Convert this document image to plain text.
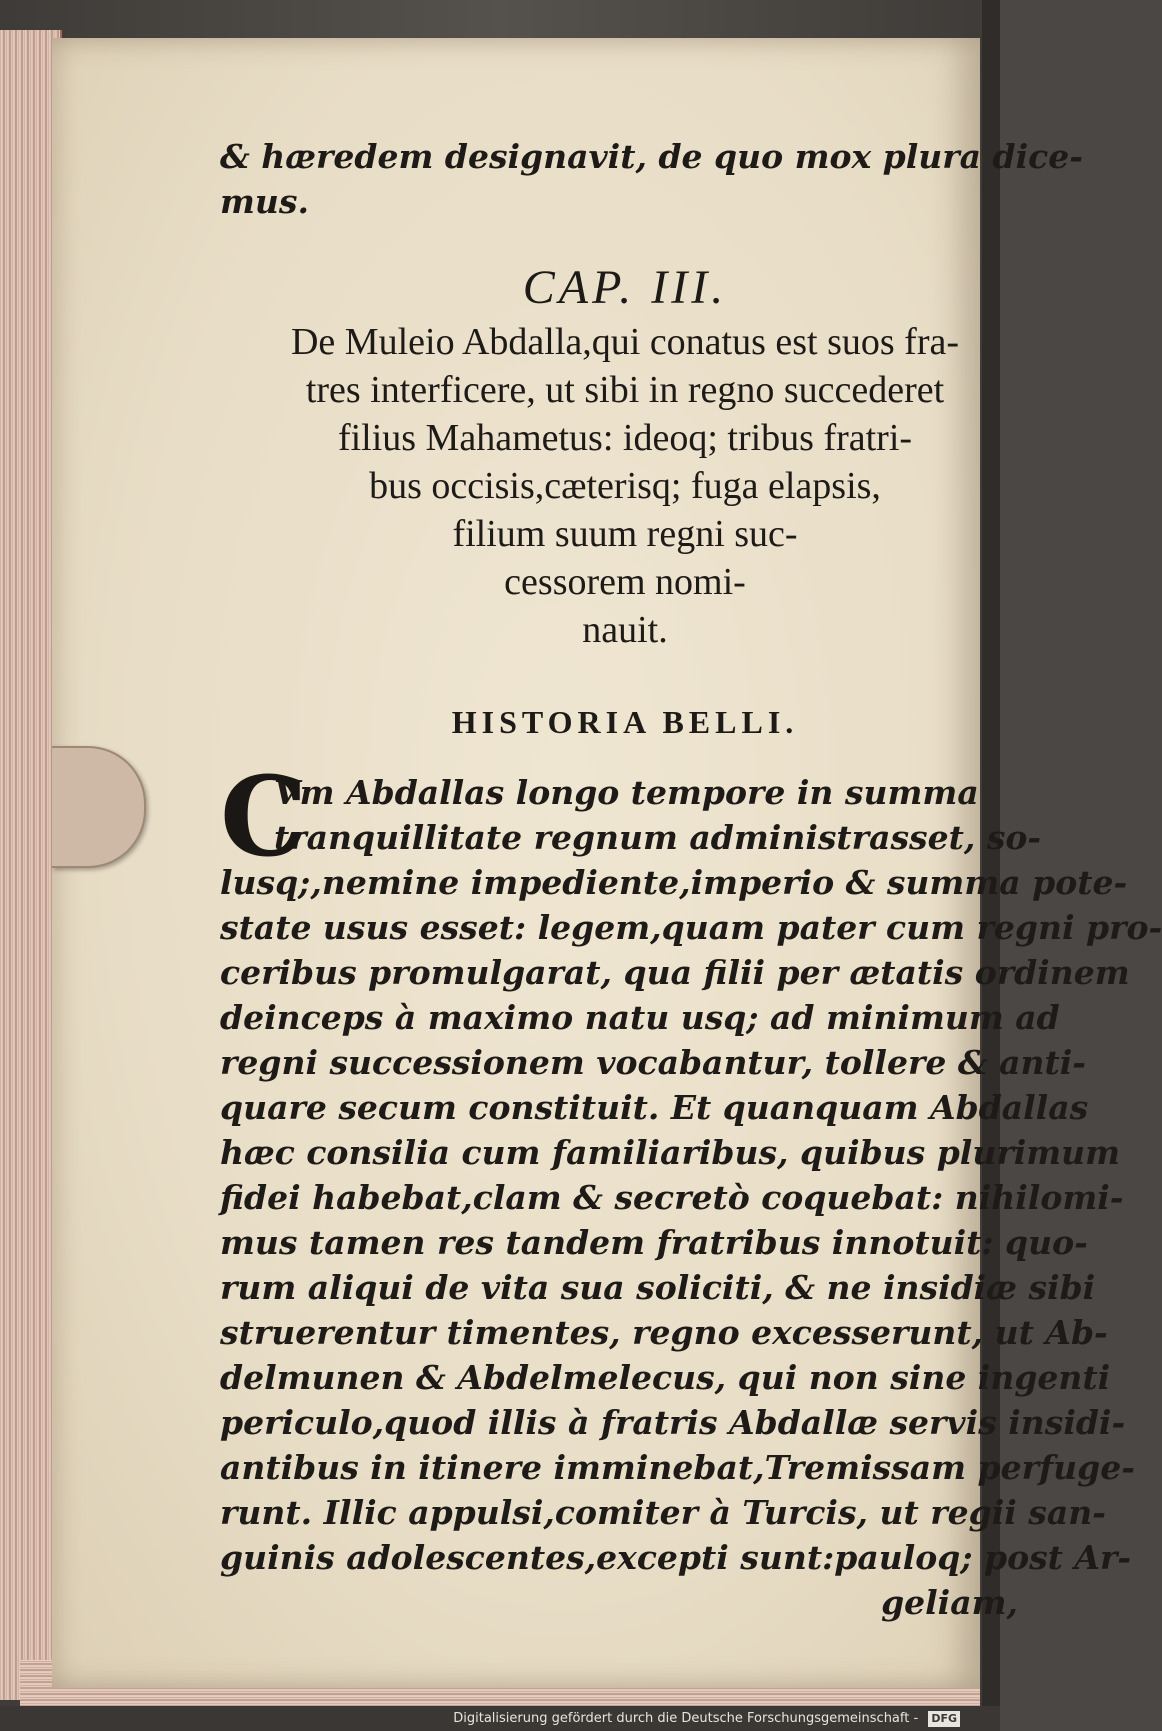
& hæredem designavit, de quo mox plura dice-
mus.
CAP. III.
De Muleio Abdalla,qui conatus est suos fra-
tres interficere, ut sibi in regno succederet
filius Mahametus: ideoq; tribus fratri-
bus occisis,cæterisq; fuga elapsis,
filium suum regni suc-
cessorem nomi-
nauit.
HISTORIA BELLI.
C
Vm Abdallas longo tempore in summa
tranquillitate regnum administrasset, so-
lusq;,nemine impediente,imperio & summa pote-
state usus esset: legem,quam pater cum regni pro-
ceribus promulgarat, qua filii per ætatis ordinem
deinceps à maximo natu usq; ad minimum ad
regni successionem vocabantur, tollere & anti-
quare secum constituit. Et quanquam Abdallas
hæc consilia cum familiaribus, quibus plurimum
fidei habebat,clam & secretò coquebat: nihilomi-
mus tamen res tandem fratribus innotuit: quo-
rum aliqui de vita sua soliciti, & ne insidiæ sibi
struerentur timentes, regno excesserunt, ut Ab-
delmunen & Abdelmelecus, qui non sine ingenti
periculo,quod illis à fratris Abdallæ servis insidi-
antibus in itinere imminebat,Tremissam perfuge-
runt. Illic appulsi,comiter à Turcis, ut regii san-
guinis adolescentes,excepti sunt:pauloq; post Ar-
geliam,
Digitalisierung gefördert durch die Deutsche Forschungsgemeinschaft - DFG
